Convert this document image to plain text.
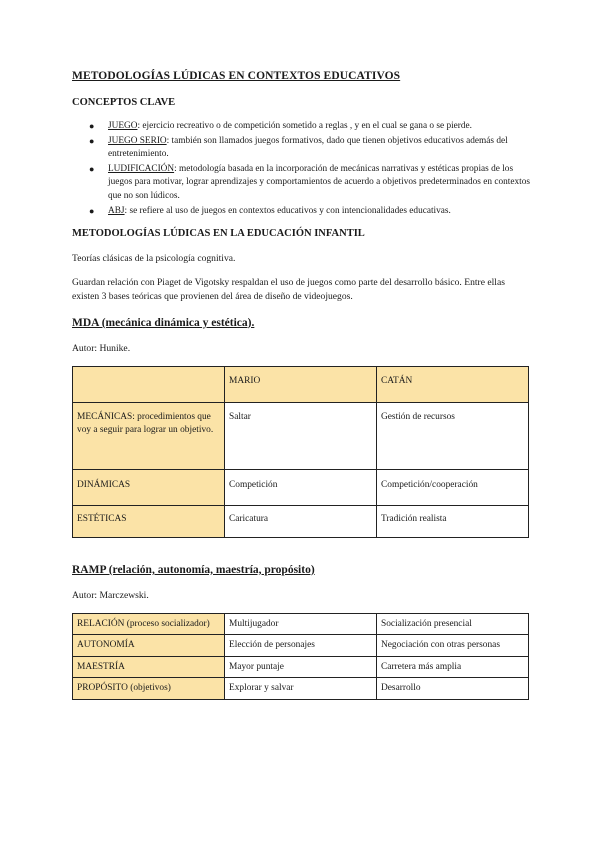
METODOLOGÍAS LÚDICAS EN CONTEXTOS EDUCATIVOS
CONCEPTOS CLAVE
● JUEGO: ejercicio recreativo o de competición sometido a reglas , y en el cual se gana o se pierde.
● JUEGO SERIO: también son llamados juegos formativos, dado que tienen objetivos educativos además del entretenimiento.
● LUDIFICACIÓN: metodología basada en la incorporación de mecánicas narrativas y estéticas propias de los juegos para motivar, lograr aprendizajes y comportamientos de acuerdo a objetivos predeterminados en contextos que no son lúdicos.
● ABJ: se refiere al uso de juegos en contextos educativos y con intencionalidades educativas.
METODOLOGÍAS LÚDICAS EN LA EDUCACIÓN INFANTIL

Teorías clásicas de la psicología cognitiva.

Guardan relación con Piaget de Vigotsky respaldan el uso de juegos como parte del desarrollo básico. Entre ellas existen 3 bases teóricas que provienen del área de diseño de videojuegos.

MDA (mecánica dinámica y estética).
Autor: Hunike.
	MARIO	CATÁN
MECÁNICAS: procedimientos que voy a seguir para lograr un objetivo.	Saltar	Gestión de recursos
DINÁMICAS	Competición	Competición/cooperación
ESTÉTICAS	Caricatura	Tradición realista
RAMP (relación, autonomía, maestría, propósito)
Autor: Marczewski.
RELACIÓN (proceso socializador)	Multijugador	Socialización presencial
AUTONOMÍA	Elección de personajes	Negociación con otras personas
MAESTRÍA	Mayor puntaje	Carretera más amplia
PROPÓSITO (objetivos)	Explorar y salvar	Desarrollo
